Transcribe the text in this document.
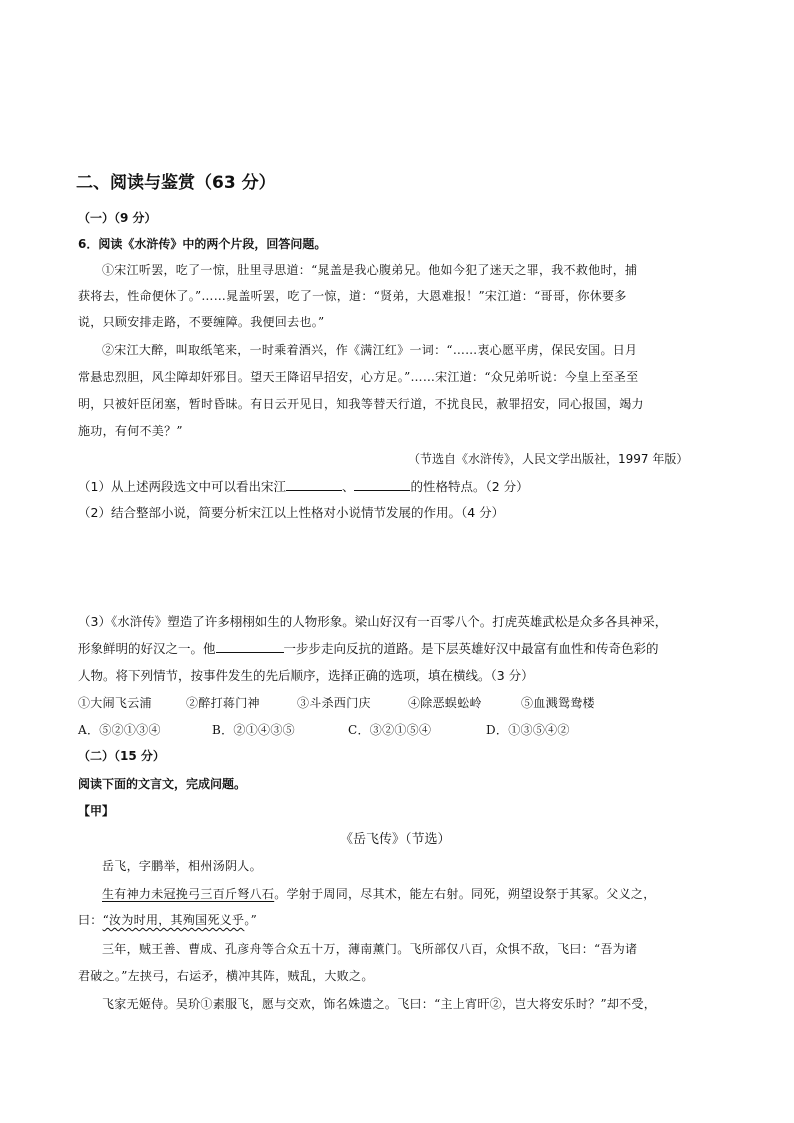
二、阅读与鉴赏（63 分）
（一）（9 分）
6．阅读《水浒传》中的两个片段，回答问题。
①宋江听罢，吃了一惊，肚里寻思道：“晁盖是我心腹弟兄。他如今犯了迷天之罪，我不救他时，捕
获将去，性命便休了。”……晁盖听罢，吃了一惊，道：“贤弟，大恩难报！”宋江道：“哥哥，你休要多
说，只顾安排走路，不要缠障。我便回去也。”
②宋江大醉，叫取纸笔来，一时乘着酒兴，作《满江红》一词：“……衷心愿平虏，保民安国。日月
常悬忠烈胆，风尘障却奸邪目。望天王降诏早招安，心方足。”……宋江道：“众兄弟听说：今皇上至圣至
明，只被奸臣闭塞，暂时昏昧。有日云开见日，知我等替天行道，不扰良民，赦罪招安，同心报国，竭力
施功，有何不美？”
（节选自《水浒传》，人民文学出版社，1997 年版）
（1）从上述两段选文中可以看出宋江	、	的性格特点。（2 分）
（2）结合整部小说，简要分析宋江以上性格对小说情节发展的作用。（4 分）
（3）《水浒传》塑造了许多栩栩如生的人物形象。梁山好汉有一百零八个。打虎英雄武松是众多各具神采，
形象鲜明的好汉之一。他	一步步走向反抗的道路。是下层英雄好汉中最富有血性和传奇色彩的
人物。将下列情节，按事件发生的先后顺序，选择正确的选项，填在横线。（3 分）
①大闹飞云浦	②醉打蒋门神	③斗杀西门庆	④除恶蜈蚣岭	⑤血溅鸳鸯楼
A．⑤②①③④	B．②①④③⑤	C．③②①⑤④	D．①③⑤④②
（二）（15 分）
阅读下面的文言文，完成问题。
【甲】
《岳飞传》（节选）
岳飞，字鹏举，相州汤阴人。
生有神力未冠挽弓三百斤弩八石。学射于周同，尽其术，能左右射。同死，朔望设祭于其冢。父义之，
曰：“汝为时用，其殉国死义乎。”
三年，贼王善、曹成、孔彦舟等合众五十万，薄南薰门。飞所部仅八百，众惧不敌，飞曰：“吾为诸
君破之。”左挟弓，右运矛，横冲其阵，贼乱，大败之。
飞家无姬侍。吴玠①素服飞，愿与交欢，饰名姝遗之。飞曰：“主上宵旰②，岂大将安乐时？”却不受，
